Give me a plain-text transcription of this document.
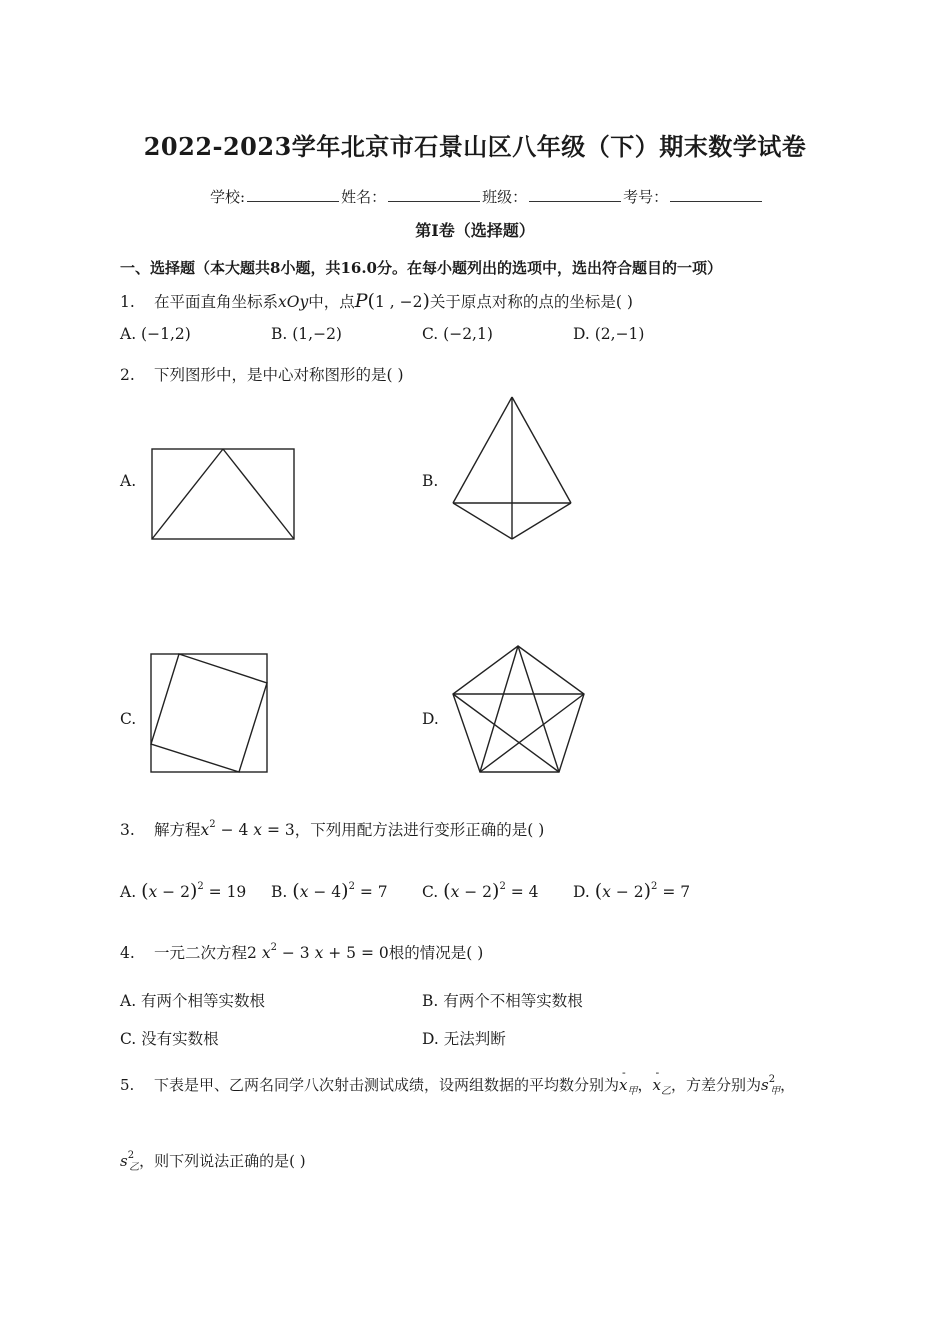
2022-2023学年北京市石景山区八年级（下）期末数学试卷
学校:	姓名：	班级：	考号：
第I卷（选择题）
一、选择题（本大题共8小题，共16.0分。在每小题列出的选项中，选出符合题目的一项）
1. 在平面直角坐标系xOy中，点P(1 , −2)关于原点对称的点的坐标是( )
A. (−1,2)	B. (1,−2)	C. (−2,1)	D. (2,−1)
2. 下列图形中，是中心对称图形的是( )
A.	B.
C.	D.
3. 解方程$x^2 - 4$ x = 3，下列用配方法进行变形正确的是( )
A. $(x - 2)^2 = 19$ B. $(x - 4)^2 = 7$ C. $(x - 2)^2 = 4$ D. $(x - 2)^2 = 7$
4. 一元二次方程2 $x^2 - 3$ x + 5 = 0根的情况是( )
A. 有两个相等实数根	B. 有两个不相等实数根
C. 没有实数根	D. 无法判断
5. 下表是甲、乙两名同学八次射击测试成绩，设两组数据的平均数分别为
-
$x_甲$，
-
$x_乙$，方差分别为$s^2_甲$，
$s^2_乙$，则下列说法正确的是( )
